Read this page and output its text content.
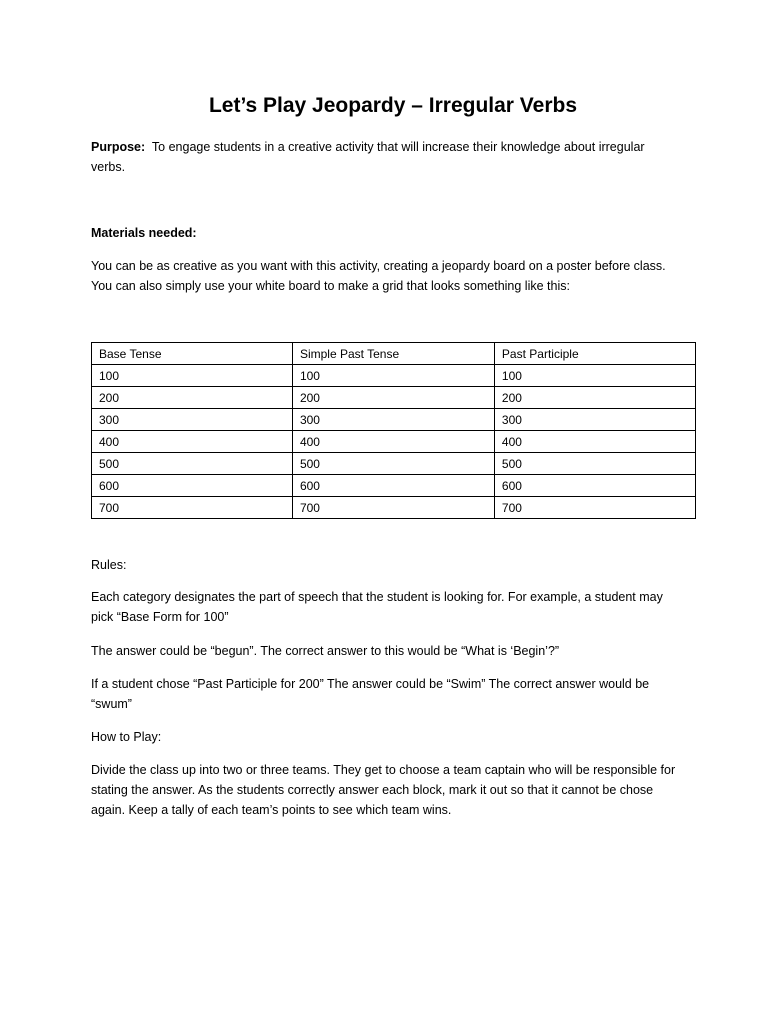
Let’s Play Jeopardy – Irregular Verbs

Purpose: To engage students in a creative activity that will increase their knowledge about irregular verbs.

Materials needed:

You can be as creative as you want with this activity, creating a jeopardy board on a poster before class. You can also simply use your white board to make a grid that looks something like this:

Base Tense	Simple Past Tense	Past Participle
100	100	100
200	200	200
300	300	300
400	400	400
500	500	500
600	600	600
700	700	700

Rules:

Each category designates the part of speech that the student is looking for. For example, a student may pick “Base Form for 100”

The answer could be “begun”. The correct answer to this would be “What is ‘Begin’?”

If a student chose “Past Participle for 200” The answer could be “Swim” The correct answer would be “swum”

How to Play:

Divide the class up into two or three teams. They get to choose a team captain who will be responsible for stating the answer. As the students correctly answer each block, mark it out so that it cannot be chose again. Keep a tally of each team’s points to see which team wins.
